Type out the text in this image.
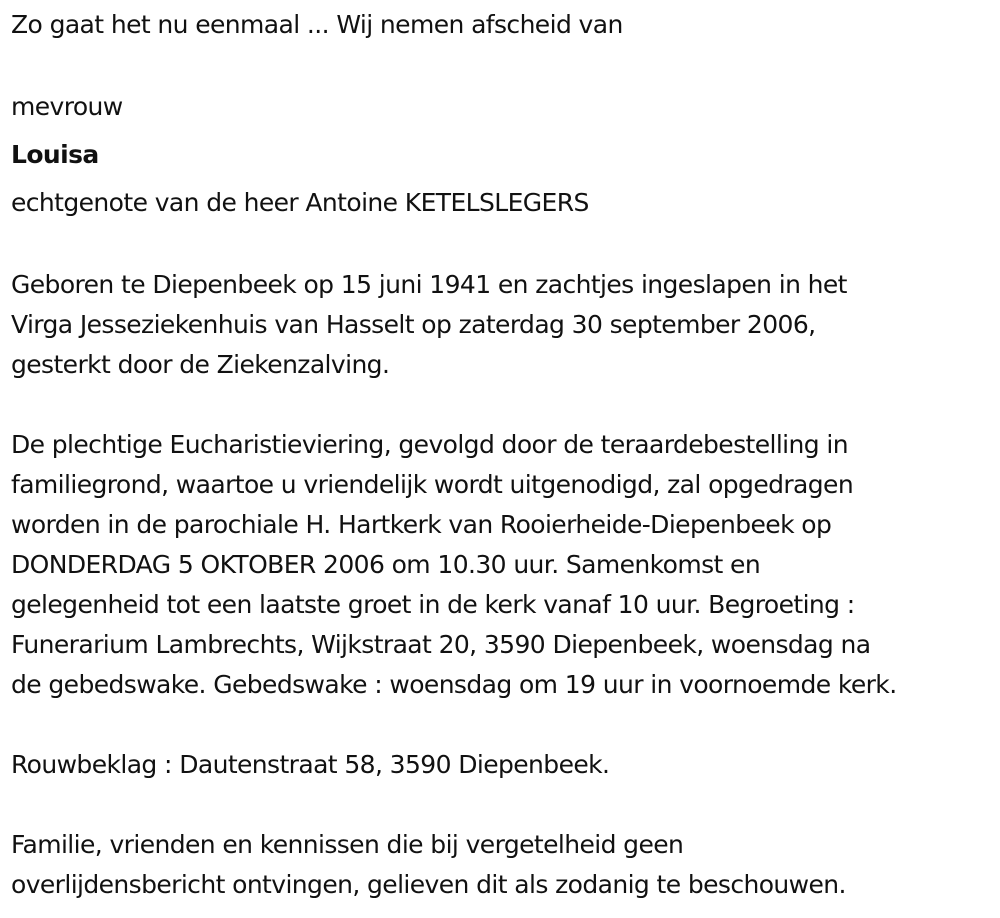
Zo gaat het nu eenmaal ... Wij nemen afscheid van
mevrouw
Louisa
echtgenote van de heer Antoine KETELSLEGERS
Geboren te Diepenbeek op 15 juni 1941 en zachtjes ingeslapen in het
Virga Jesseziekenhuis van Hasselt op zaterdag 30 september 2006,
gesterkt door de Ziekenzalving.
De plechtige Eucharistieviering, gevolgd door de teraardebestelling in
familiegrond, waartoe u vriendelijk wordt uitgenodigd, zal opgedragen
worden in de parochiale H. Hartkerk van Rooierheide-Diepenbeek op
DONDERDAG 5 OKTOBER 2006 om 10.30 uur. Samenkomst en
gelegenheid tot een laatste groet in de kerk vanaf 10 uur. Begroeting :
Funerarium Lambrechts, Wijkstraat 20, 3590 Diepenbeek, woensdag na
de gebedswake. Gebedswake : woensdag om 19 uur in voornoemde kerk.
Rouwbeklag : Dautenstraat 58, 3590 Diepenbeek.
Familie, vrienden en kennissen die bij vergetelheid geen
overlijdensbericht ontvingen, gelieven dit als zodanig te beschouwen.
